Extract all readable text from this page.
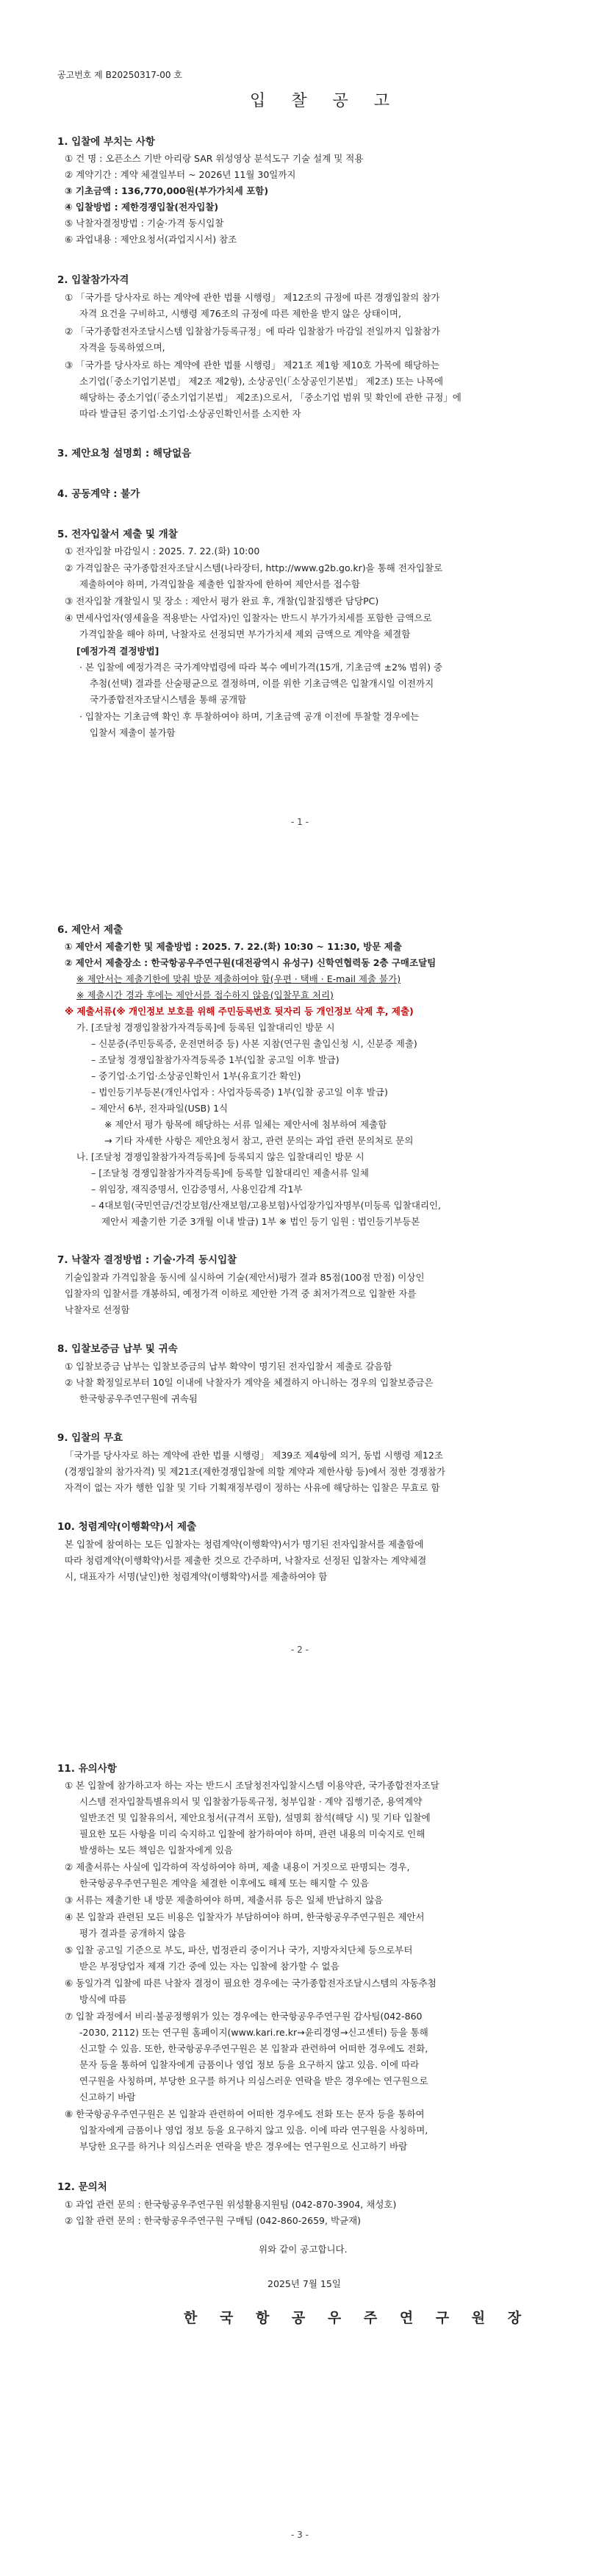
공고번호 제 B20250317-00 호
입 찰 공 고
1. 입찰에 부치는 사항
① 건 명 : 오픈소스 기반 아리랑 SAR 위성영상 분석도구 기술 설계 및 적용
② 계약기간 : 계약 체결일부터 ~ 2026년 11월 30일까지
③ 기초금액 : 136,770,000원(부가가치세 포함)
④ 입찰방법 : 제한경쟁입찰(전자입찰)
⑤ 낙찰자결정방법 : 기술·가격 동시입찰
⑥ 과업내용 : 제안요청서(과업지시서) 참조
2. 입찰참가자격
① 「국가를 당사자로 하는 계약에 관한 법률 시행령」 제12조의 규정에 따른 경쟁입찰의 참가
자격 요건을 구비하고, 시행령 제76조의 규정에 따른 제한을 받지 않은 상태이며,
② 「국가종합전자조달시스템 입찰참가등록규정」에 따라 입찰참가 마감일 전일까지 입찰참가
자격을 등록하였으며,
③ 「국가를 당사자로 하는 계약에 관한 법률 시행령」 제21조 제1항 제10호 가목에 해당하는
소기업(「중소기업기본법」 제2조 제2항), 소상공인(「소상공인기본법」 제2조) 또는 나목에
해당하는 중소기업(「중소기업기본법」 제2조)으로서, 「중소기업 범위 및 확인에 관한 규정」에
따라 발급된 중기업·소기업·소상공인확인서를 소지한 자
3. 제안요청 설명회 : 해당없음
4. 공동계약 : 불가
5. 전자입찰서 제출 및 개찰
① 전자입찰 마감일시 : 2025. 7. 22.(화) 10:00
② 가격입찰은 국가종합전자조달시스템(나라장터, http://www.g2b.go.kr)을 통해 전자입찰로
제출하여야 하며, 가격입찰을 제출한 입찰자에 한하여 제안서를 접수함
③ 전자입찰 개찰일시 및 장소 : 제안서 평가 완료 후, 개찰(입찰집행관 담당PC)
④ 면세사업자(영세율을 적용받는 사업자)인 입찰자는 반드시 부가가치세를 포함한 금액으로
가격입찰을 해야 하며, 낙찰자로 선정되면 부가가치세 제외 금액으로 계약을 체결함
[예정가격 결정방법]
· 본 입찰에 예정가격은 국가계약법령에 따라 복수 예비가격(15개, 기초금액 ±2% 범위) 중
추첨(선택) 결과를 산술평균으로 결정하며, 이를 위한 기초금액은 입찰개시일 이전까지
국가종합전자조달시스템을 통해 공개함
· 입찰자는 기초금액 확인 후 투찰하여야 하며, 기초금액 공개 이전에 투찰할 경우에는
입찰서 제출이 불가함
- 1 -
6. 제안서 제출
① 제안서 제출기한 및 제출방법 : 2025. 7. 22.(화) 10:30 ~ 11:30, 방문 제출
② 제안서 제출장소 : 한국항공우주연구원(대전광역시 유성구) 신학연협력동 2층 구매조달팀
※ 제안서는 제출기한에 맞춰 방문 제출하여야 함(우편 · 택배 · E-mail 제출 불가)
※ 제출시간 경과 후에는 제안서를 접수하지 않음(입찰무효 처리)
※ 제출서류(※ 개인정보 보호를 위해 주민등록번호 뒷자리 등 개인정보 삭제 후, 제출)
가. [조달청 경쟁입찰참가자격등록]에 등록된 입찰대리인 방문 시
– 신분증(주민등록증, 운전면허증 등) 사본 지참(연구원 출입신청 시, 신분증 제출)
– 조달청 경쟁입찰참가자격등록증 1부(입찰 공고일 이후 발급)
– 중기업·소기업·소상공인확인서 1부(유효기간 확인)
– 법인등기부등본(개인사업자 : 사업자등록증) 1부(입찰 공고일 이후 발급)
– 제안서 6부, 전자파일(USB) 1식
※ 제안서 평가 항목에 해당하는 서류 일체는 제안서에 첨부하여 제출함
→ 기타 자세한 사항은 제안요청서 참고, 관련 문의는 과업 관련 문의처로 문의
나. [조달청 경쟁입찰참가자격등록]에 등록되지 않은 입찰대리인 방문 시
– [조달청 경쟁입찰참가자격등록]에 등록할 입찰대리인 제출서류 일체
– 위임장, 재직증명서, 인감증명서, 사용인감계 각1부
– 4대보험(국민연금/건강보험/산재보험/고용보험)사업장가입자명부(미등록 입찰대리인,
제안서 제출기한 기준 3개월 이내 발급) 1부 ※ 법인 등기 임원 : 법인등기부등본
7. 낙찰자 결정방법 : 기술·가격 동시입찰
기술입찰과 가격입찰을 동시에 실시하여 기술(제안서)평가 결과 85점(100점 만점) 이상인
입찰자의 입찰서를 개봉하되, 예정가격 이하로 제안한 가격 중 최저가격으로 입찰한 자를
낙찰자로 선정함
8. 입찰보증금 납부 및 귀속
① 입찰보증금 납부는 입찰보증금의 납부 확약이 명기된 전자입찰서 제출로 갈음함
② 낙찰 확정일로부터 10일 이내에 낙찰자가 계약을 체결하지 아니하는 경우의 입찰보증금은
한국항공우주연구원에 귀속됨
9. 입찰의 무효
「국가를 당사자로 하는 계약에 관한 법률 시행령」 제39조 제4항에 의거, 동법 시행령 제12조
(경쟁입찰의 참가자격) 및 제21조(제한경쟁입찰에 의할 계약과 제한사항 등)에서 정한 경쟁참가
자격이 없는 자가 행한 입찰 및 기타 기획재정부령이 정하는 사유에 해당하는 입찰은 무효로 함
10. 청렴계약(이행확약)서 제출
본 입찰에 참여하는 모든 입찰자는 청렴계약(이행확약)서가 명기된 전자입찰서를 제출함에
따라 청렴계약(이행확약)서를 제출한 것으로 간주하며, 낙찰자로 선정된 입찰자는 계약체결
시, 대표자가 서명(날인)한 청렴계약(이행확약)서를 제출하여야 함
- 2 -
11. 유의사항
① 본 입찰에 참가하고자 하는 자는 반드시 조달청전자입찰시스템 이용약관, 국가종합전자조달
시스템 전자입찰특별유의서 및 입찰참가등록규정, 청부입찰 · 계약 집행기준, 용역계약
일반조건 및 입찰유의서, 제안요청서(규격서 포함), 설명회 참석(해당 시) 및 기타 입찰에
필요한 모든 사항을 미리 숙지하고 입찰에 참가하여야 하며, 관련 내용의 미숙지로 인해
발생하는 모든 책임은 입찰자에게 있음
② 제출서류는 사실에 입각하여 작성하여야 하며, 제출 내용이 거짓으로 판명되는 경우,
한국항공우주연구원은 계약을 체결한 이후에도 해제 또는 해지할 수 있음
③ 서류는 제출기한 내 방문 제출하여야 하며, 제출서류 등은 일체 반납하지 않음
④ 본 입찰과 관련된 모든 비용은 입찰자가 부담하여야 하며, 한국항공우주연구원은 제안서
평가 결과를 공개하지 않음
⑤ 입찰 공고일 기준으로 부도, 파산, 법정관리 중이거나 국가, 지방자치단체 등으로부터
받은 부정당업자 제재 기간 중에 있는 자는 입찰에 참가할 수 없음
⑥ 동일가격 입찰에 따른 낙찰자 결정이 필요한 경우에는 국가종합전자조달시스템의 자동추첨
방식에 따름
⑦ 입찰 과정에서 비리·불공정행위가 있는 경우에는 한국항공우주연구원 감사팀(042-860
-2030, 2112) 또는 연구원 홈페이지(www.kari.re.kr→윤리경영→신고센터) 등을 통해
신고할 수 있음. 또한, 한국항공우주연구원은 본 입찰과 관련하여 어떠한 경우에도 전화,
문자 등을 통하여 입찰자에게 금품이나 영업 정보 등을 요구하지 않고 있음. 이에 따라
연구원을 사칭하며, 부당한 요구를 하거나 의심스러운 연락을 받은 경우에는 연구원으로
신고하기 바람
⑧ 한국항공우주연구원은 본 입찰과 관련하여 어떠한 경우에도 전화 또는 문자 등을 통하여
입찰자에게 금품이나 영업 정보 등을 요구하지 않고 있음. 이에 따라 연구원을 사칭하며,
부당한 요구를 하거나 의심스러운 연락을 받은 경우에는 연구원으로 신고하기 바람
12. 문의처
① 과업 관련 문의 : 한국항공우주연구원 위성활용지원팀 (042-870-3904, 채성호)
② 입찰 관련 문의 : 한국항공우주연구원 구매팀 (042-860-2659, 박균재)
위와 같이 공고합니다.
2025년 7월 15일
한 국 항 공 우 주 연 구 원 장
- 3 -
